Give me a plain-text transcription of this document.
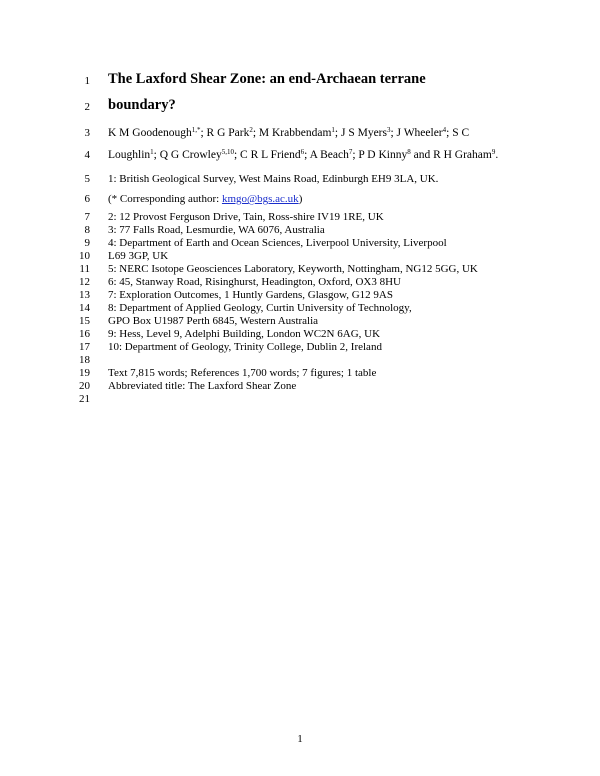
1 The Laxford Shear Zone: an end-Archaean terrane
2 boundary?
3 K M Goodenough$^{1,*}$; R G Park$^2$; M Krabbendam$^1$; J S Myers$^3$; J Wheeler$^4$; S C
4 Loughlin$^1$; Q G Crowley$^{5,10}$; C R L Friend$^6$; A Beach$^7$; P D Kinny$^8$ and R H Graham$^9$.
5 1: British Geological Survey, West Mains Road, Edinburgh EH9 3LA, UK.
6 (* Corresponding author: kmgo@bgs.ac.uk)
7 2: 12 Provost Ferguson Drive, Tain, Ross-shire IV19 1RE, UK
8 3: 77 Falls Road, Lesmurdie, WA 6076, Australia
9 4: Department of Earth and Ocean Sciences, Liverpool University, Liverpool
10 L69 3GP, UK
11 5: NERC Isotope Geosciences Laboratory, Keyworth, Nottingham, NG12 5GG, UK
12 6: 45, Stanway Road, Risinghurst, Headington, Oxford, OX3 8HU
13 7: Exploration Outcomes, 1 Huntly Gardens, Glasgow, G12 9AS
14 8: Department of Applied Geology, Curtin University of Technology,
15 GPO Box U1987 Perth 6845, Western Australia
16 9: Hess, Level 9, Adelphi Building, London WC2N 6AG, UK
17 10: Department of Geology, Trinity College, Dublin 2, Ireland
18
19 Text 7,815 words; References 1,700 words; 7 figures; 1 table
20 Abbreviated title: The Laxford Shear Zone
21
1
